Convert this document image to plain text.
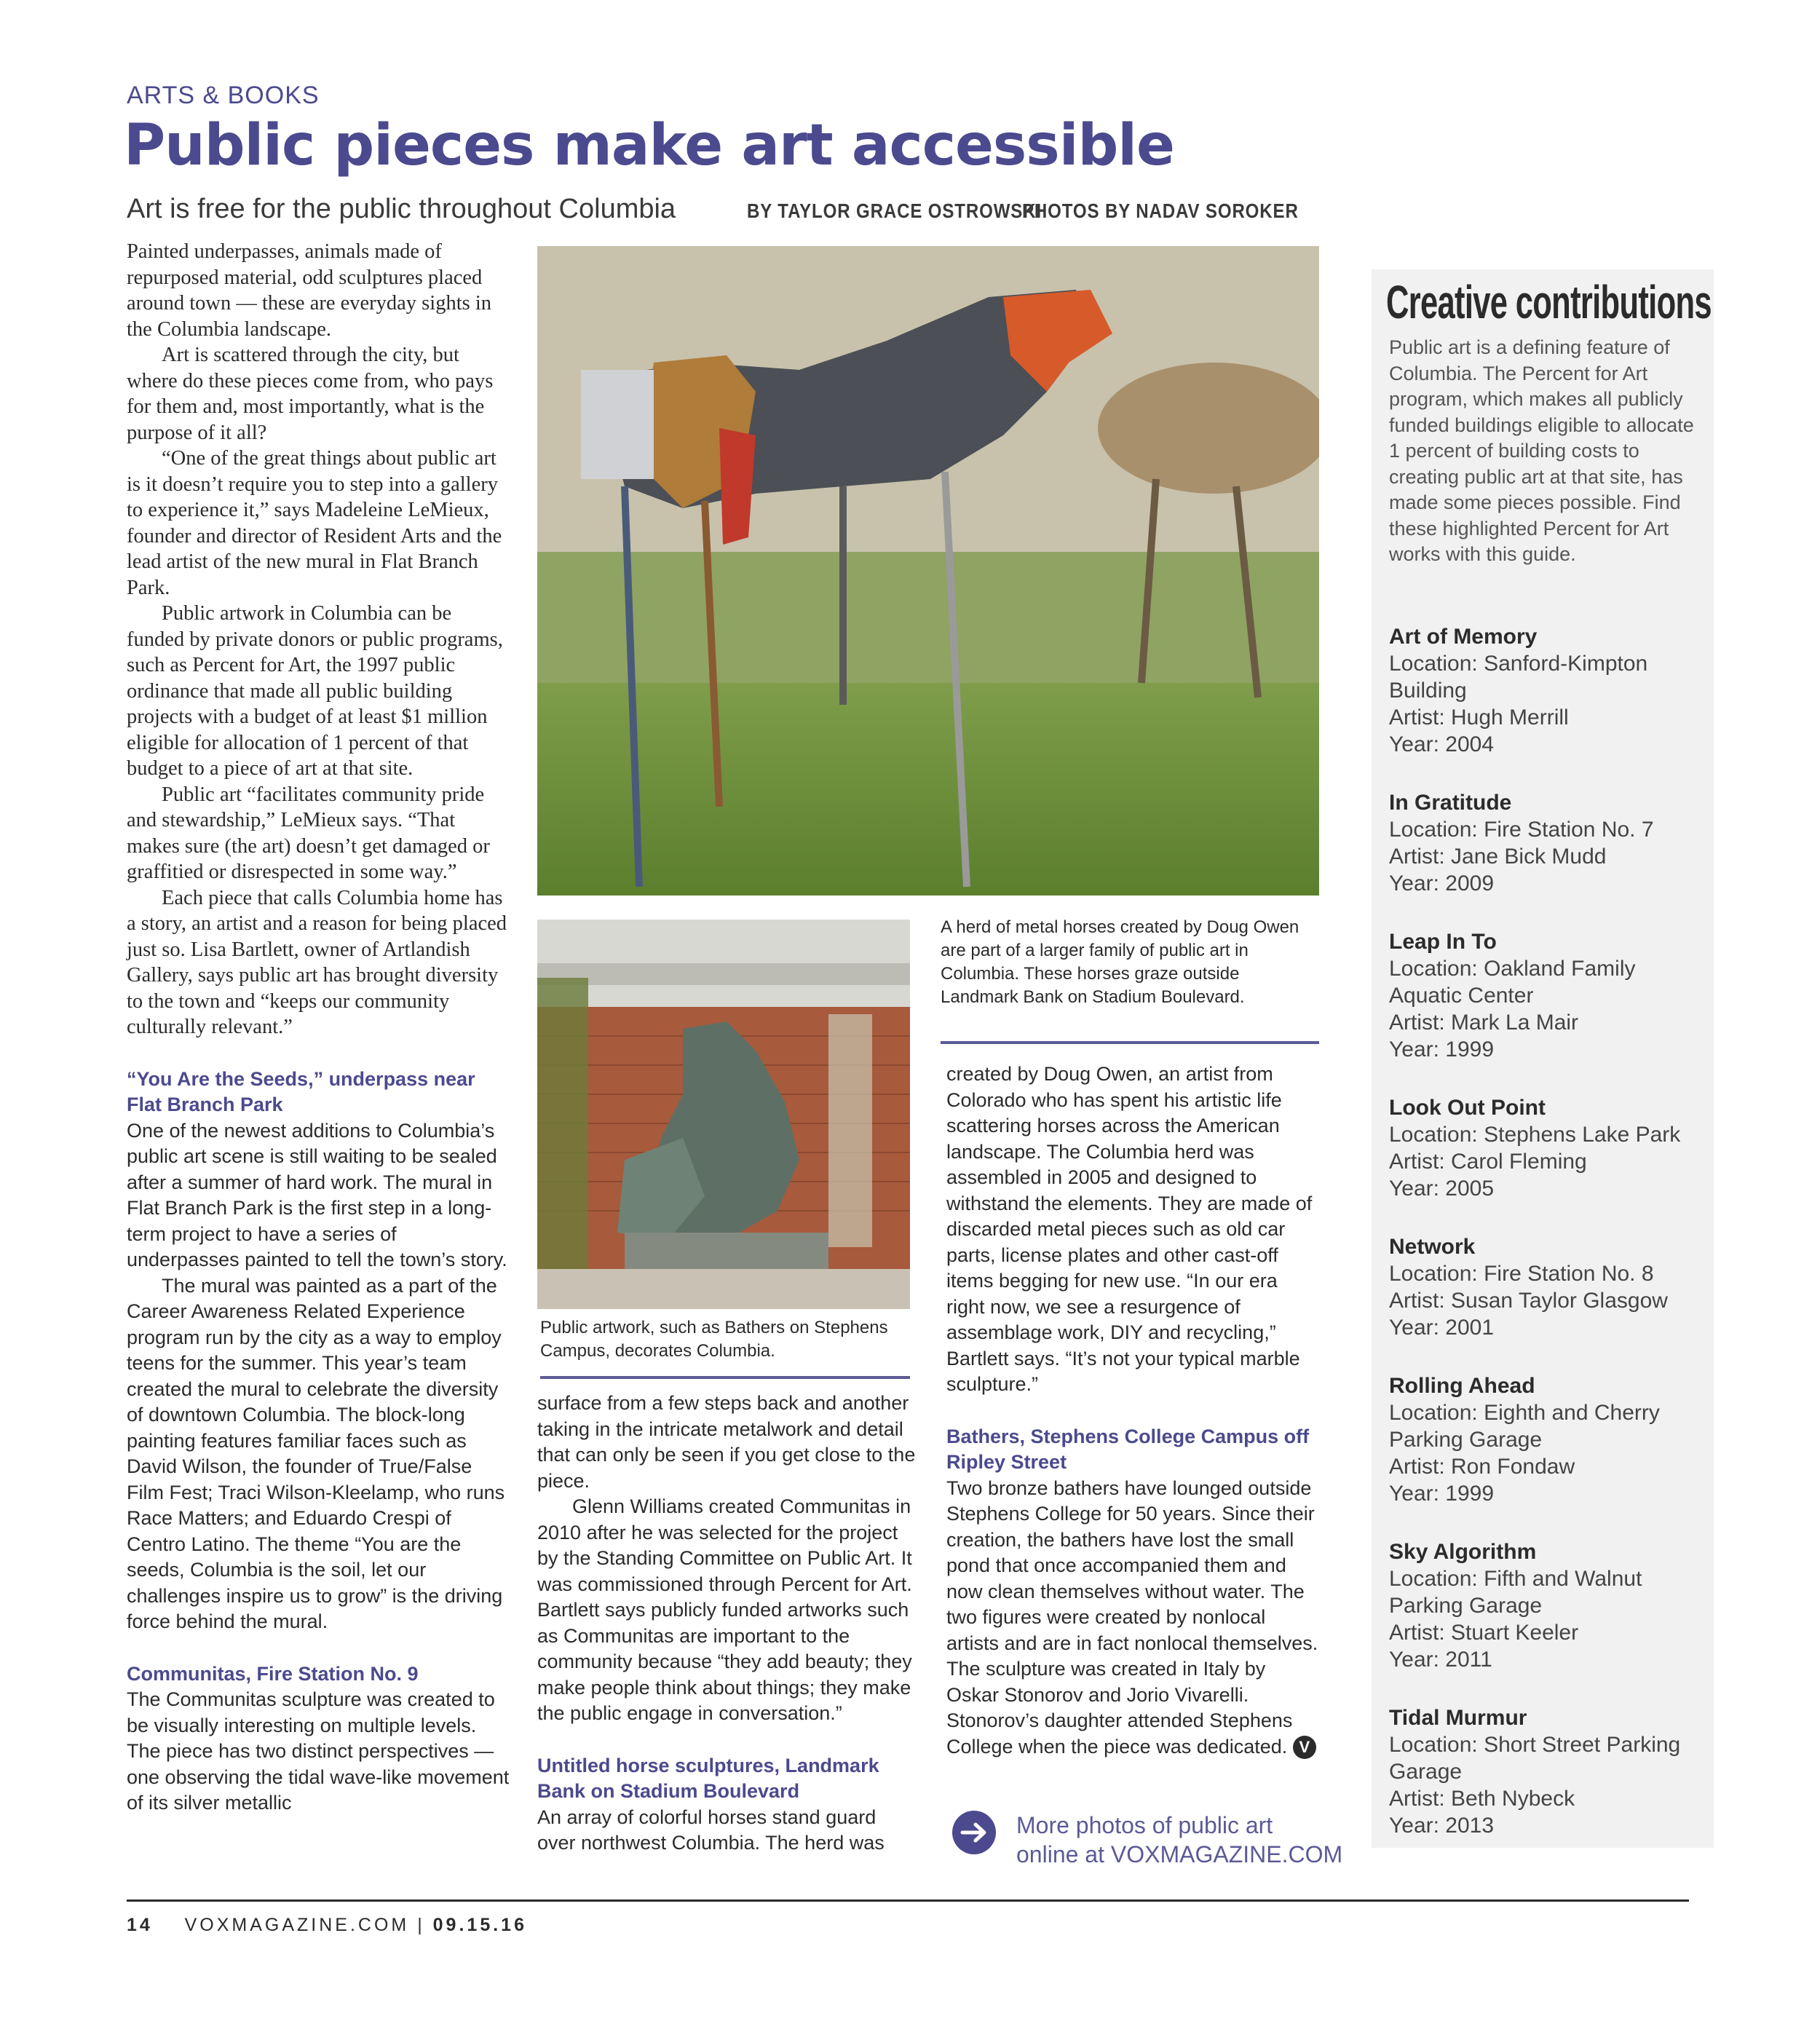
ARTS & BOOKS
Public pieces make art accessible
Art is free for the public throughout Columbia	BY TAYLOR GRACE OSTROWSKI
PHOTOS BY NADAV SOROKER

Painted underpasses, animals made of repurposed material, odd sculptures placed around town — these are everyday sights in the Columbia landscape.

Art is scattered through the city, but where do these pieces come from, who pays for them and, most importantly, what is the purpose of it all?

“One of the great things about public art is it doesn’t require you to step into a gallery to experience it,” says Madeleine LeMieux, founder and director of Resident Arts and the lead artist of the new mural in Flat Branch Park.

Public artwork in Columbia can be funded by private donors or public programs, such as Percent for Art, the 1997 public ordinance that made all public building projects with a budget of at least $1 million eligible for allocation of 1 percent of that budget to a piece of art at that site.

Public art “facilitates community pride and stewardship,” LeMieux says. “That makes sure (the art) doesn’t get damaged or graffitied or disrespected in some way.”

Each piece that calls Columbia home has a story, an artist and a reason for being placed just so. Lisa Bartlett, owner of Artlandish Gallery, says public art has brought diversity to the town and “keeps our community culturally relevant.”

“You Are the Seeds,” underpass near Flat Branch Park

One of the newest additions to Columbia’s public art scene is still waiting to be sealed after a summer of hard work. The mural in Flat Branch Park is the first step in a long-term project to have a series of underpasses painted to tell the town’s story.

The mural was painted as a part of the Career Awareness Related Experience program run by the city as a way to employ teens for the summer. This year’s team created the mural to celebrate the diversity of downtown Columbia. The block-long painting features familiar faces such as David Wilson, the founder of True/False Film Fest; Traci Wilson-Kleelamp, who runs Race Matters; and Eduardo Crespi of Centro Latino. The theme “You are the seeds, Columbia is the soil, let our challenges inspire us to grow” is the driving force behind the mural.

Communitas, Fire Station No. 9

The Communitas sculpture was created to be visually interesting on multiple levels. The piece has two distinct perspectives — one observing the tidal wave-like movement of its silver metallic

A herd of metal horses created by Doug Owen are part of a larger family of public art in Columbia. These horses graze outside Landmark Bank on Stadium Boulevard.
Public artwork, such as Bathers on Stephens Campus, decorates Columbia.

surface from a few steps back and another taking in the intricate metalwork and detail that can only be seen if you get close to the piece.

Glenn Williams created Communitas in 2010 after he was selected for the project by the Standing Committee on Public Art. It was commissioned through Percent for Art. Bartlett says publicly funded artworks such as Communitas are important to the community because “they add beauty; they make people think about things; they make the public engage in conversation.”

Untitled horse sculptures, Landmark Bank on Stadium Boulevard

An array of colorful horses stand guard over northwest Columbia. The herd was

created by Doug Owen, an artist from Colorado who has spent his artistic life scattering horses across the American landscape. The Columbia herd was assembled in 2005 and designed to withstand the elements. They are made of discarded metal pieces such as old car parts, license plates and other cast-off items begging for new use. “In our era right now, we see a resurgence of assemblage work, DIY and recycling,” Bartlett says. “It’s not your typical marble sculpture.”

Bathers, Stephens College Campus off Ripley Street

Two bronze bathers have lounged outside Stephens College for 50 years. Since their creation, the bathers have lost the small pond that once accompanied them and now clean themselves without water. The two figures were created by nonlocal artists and are in fact nonlocal themselves. The sculpture was created in Italy by Oskar Stonorov and Jorio Vivarelli. Stonorov’s daughter attended Stephens College when the piece was dedicated. V

More photos of public art
online at VOXMAGAZINE.COM
Creative contributions
Public art is a defining feature of Columbia. The Percent for Art program, which makes all publicly funded buildings eligible to allocate 1 percent of building costs to creating public art at that site, has made some pieces possible. Find these highlighted Percent for Art works with this guide.
Art of Memory
Location: Sanford-Kimpton Building
Artist: Hugh Merrill
Year: 2004
In Gratitude
Location: Fire Station No. 7
Artist: Jane Bick Mudd
Year: 2009
Leap In To
Location: Oakland Family Aquatic Center
Artist: Mark La Mair
Year: 1999
Look Out Point
Location: Stephens Lake Park
Artist: Carol Fleming
Year: 2005
Network
Location: Fire Station No. 8
Artist: Susan Taylor Glasgow
Year: 2001
Rolling Ahead
Location: Eighth and Cherry Parking Garage
Artist: Ron Fondaw
Year: 1999
Sky Algorithm
Location: Fifth and Walnut Parking Garage
Artist: Stuart Keeler
Year: 2011
Tidal Murmur
Location: Short Street Parking Garage
Artist: Beth Nybeck
Year: 2013
14 VOXMAGAZINE.COM | 09.15.16
